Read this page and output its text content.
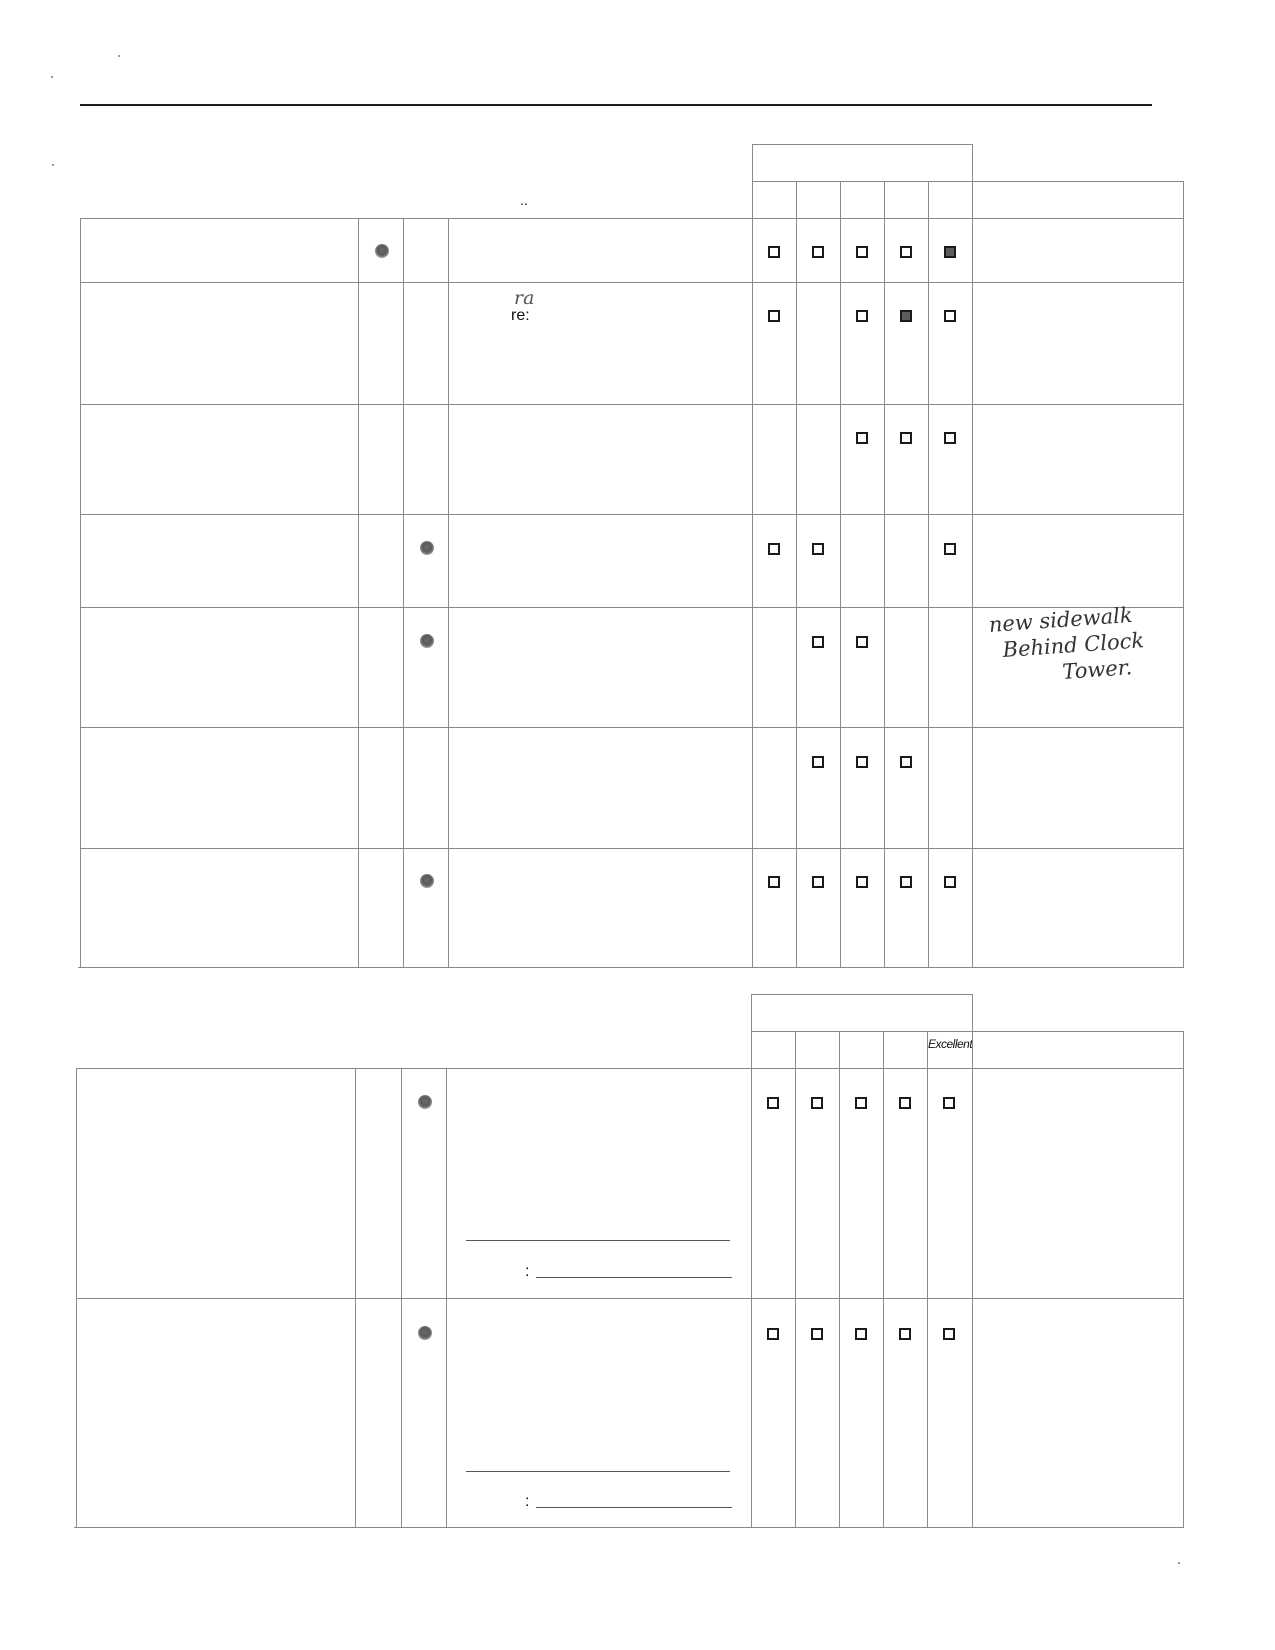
..
ra
re:
new sidewalk
Behind Clock
Tower.
Excellent
:
:
